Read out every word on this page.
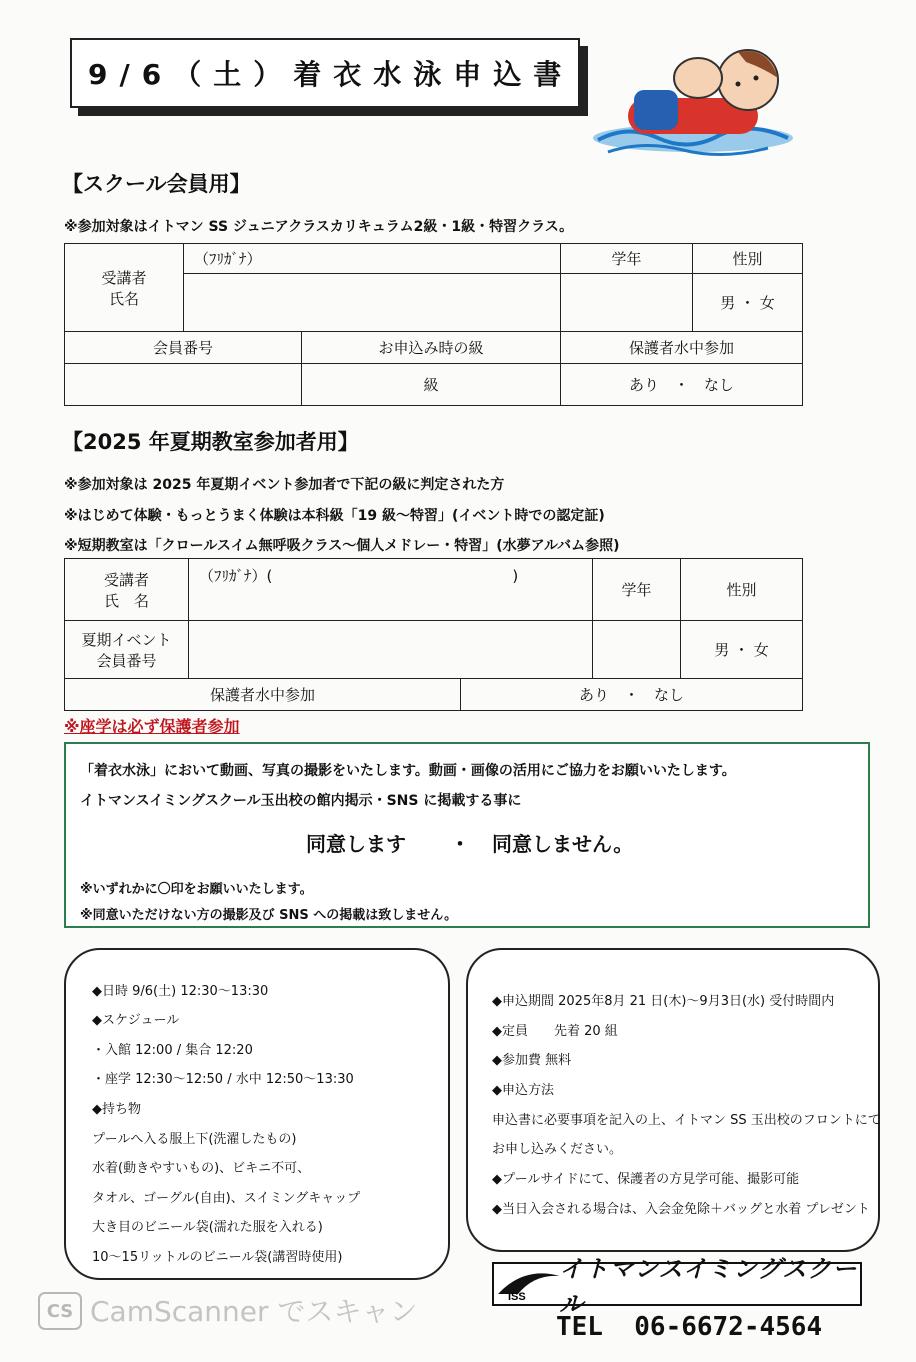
9/6（土）着衣水泳申込書
【スクール会員用】
※参加対象はイトマン SS ジュニアクラスカリキュラム2級・1級・特習クラス。
受講者
氏名	（ﾌﾘｶﾞﾅ）		学年	性別
				男 ・ 女
会員番号		お申込み時の級	保護者水中参加	
		級	あり　・　なし	
【2025 年夏期教室参加者用】
※参加対象は 2025 年夏期イベント参加者で下記の級に判定された方
※はじめて体験・もっとうまく体験は本科級「19 級～特習」(イベント時での認定証)
※短期教室は「クロールスイム無呼吸クラス～個人メドレー・特習」(水夢アルバム参照)
受講者
氏　名	（ﾌﾘｶﾞﾅ）(　　　　　　　　　　　　　　　　)		学年	性別

夏期イベント
会員番号				男 ・ 女
保護者水中参加		あり　・　なし		
※座学は必ず保護者参加
「着衣水泳」において動画、写真の撮影をいたします。動画・画像の活用にご協力をお願いいたします。
イトマンスイミングスクール玉出校の館内掲示・SNS に掲載する事に
同意します ・ 同意しません。
※いずれかに〇印をお願いいたします。
※同意いただけない方の撮影及び SNS への掲載は致しません。
◆日時 9/6(土) 12:30～13:30
◆スケジュール
・入館 12:00 / 集合 12:20
・座学 12:30～12:50 / 水中 12:50～13:30
◆持ち物
プールへ入る服上下(洗濯したもの)
水着(動きやすいもの)、ビキニ不可、
タオル、ゴーグル(自由)、スイミングキャップ
大き目のビニール袋(濡れた服を入れる)
10～15リットルのビニール袋(講習時使用)
◆申込期間 2025年8月 21 日(木)～9月3日(水) 受付時間内
◆定員　　先着 20 組
◆参加費 無料
◆申込方法
申込書に必要事項を記入の上、イトマン SS 玉出校のフロントにて
お申し込みください。
◆プールサイドにて、保護者の方見学可能、撮影可能
◆当日入会される場合は、入会金免除＋バッグと水着 プレゼント
ISS
イトマンスイミングスクール
TEL  06-6672-4564
CS CamScanner でスキャン
